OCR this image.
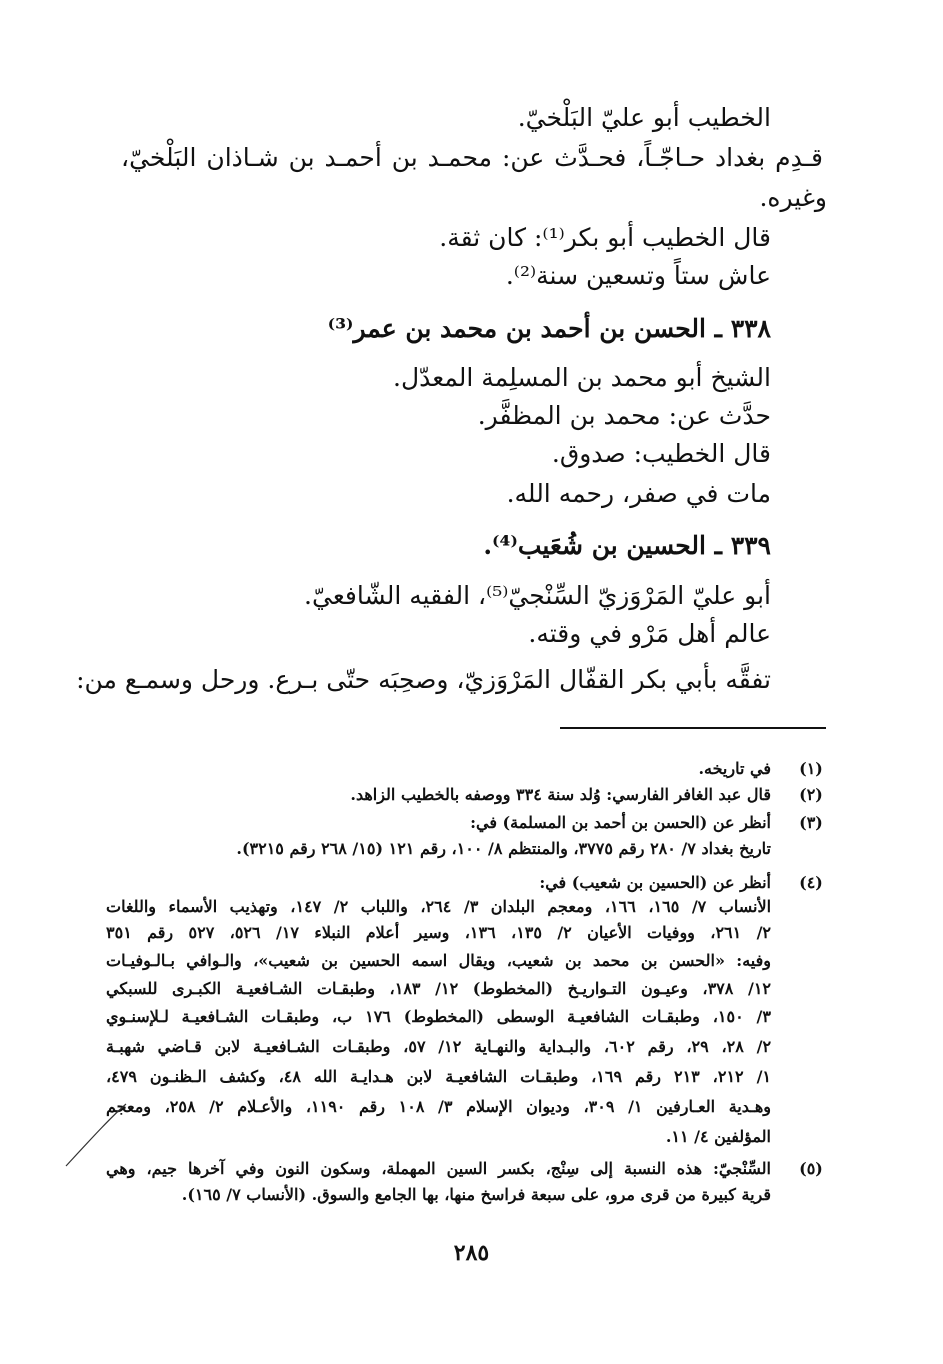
الخطيب أبو عليّ البَلْخيّ.
قـدِم بغداد حـاجّـاً، فحـدَّث عن: محمـد بن أحمـد بن شـاذان البَلْخيّ،
وغيره.
قال الخطيب أبو بكر⁽¹⁾: كان ثقة.
عاش ستاً وتسعين سنة⁽²⁾.
٣٣٨ ـ الحسن بن أحمد بن محمد بن عمر⁽³⁾
الشيخ أبو محمد بن المسلِمة المعدّل.
حدَّث عن: محمد بن المظفَّر.
قال الخطيب: صدوق.
مات في صفر، رحمه الله.
٣٣٩ ـ الحسين بن شُعَيب⁽⁴⁾.
أبو عليّ المَرْوَزيّ السِّنْجيّ⁽⁵⁾، الفقيه الشّافعيّ.
عالم أهل مَرْو في وقته.
تفقَّه بأبي بكر القفّال المَرْوَزيّ، وصحِبَه حتّى بـرع. ورحل وسمـع من:
(١)
(٢)
(٣)
(٤)
(٥)
في تاريخه.
قال عبد الغافر الفارسي: وُلد سنة ٣٣٤ ووصفه بالخطيب الزاهد.
أنظر عن (الحسن بن أحمد بن المسلمة) في:
تاريخ بغداد ٧/ ٢٨٠ رقم ٣٧٧٥، والمنتظم ٨/ ١٠٠، رقم ١٢١ (١٥/ ٢٦٨ رقم ٣٢١٥).
أنظر عن (الحسين بن شعيب) في:
الأنساب ٧/ ١٦٥، ١٦٦، ومعجم البلدان ٣/ ٢٦٤، واللباب ٢/ ١٤٧، وتهذيب الأسماء واللغات
٢/ ٢٦١، ووفيات الأعيان ٢/ ١٣٥، ١٣٦، وسير أعلام النبلاء ١٧/ ٥٢٦، ٥٢٧ رقم ٣٥١
وفيه: «الحسن بن محمد بن شعيب، ويقال اسمه الحسين بن شعيب»، والـوافي بـالـوفيـات
١٢/ ٣٧٨، وعيـون التـواريـخ (المخطوط) ١٢/ ١٨٣، وطبقـات الشـافعيـة الكبـرى للسبكي
٣/ ١٥٠، وطبقـات الشافعيـة الوسطى (المخطوط) ١٧٦ ب، وطبقـات الشـافعيـة لـلإسنـوي
٢/ ٢٨، ٢٩، رقم ٦٠٢، والبـداية والنهـاية ١٢/ ٥٧، وطبقـات الشـافعيـة لابن قـاضي شهبـة
١/ ٢١٢، ٢١٣ رقم ١٦٩، وطبقـات الشافعيـة لابن هـدايـة الله ٤٨، وكشف الـظنـون ٤٧٩،
وهـدية العـارفين ١/ ٣٠٩، وديوان الإسلام ٣/ ١٠٨ رقم ١١٩٠، والأعـلام ٢/ ٢٥٨، ومعجم
المؤلفين ٤/ ١١.
السِّنْجيّ: هذه النسبة إلى سِنْج، بكسر السين المهملة، وسكون النون وفي آخرها جيم، وهي
قرية كبيرة من قرى مرو، على سبعة فراسخ منها، بها الجامع والسوق. (الأنساب ٧/ ١٦٥).
٢٨٥
